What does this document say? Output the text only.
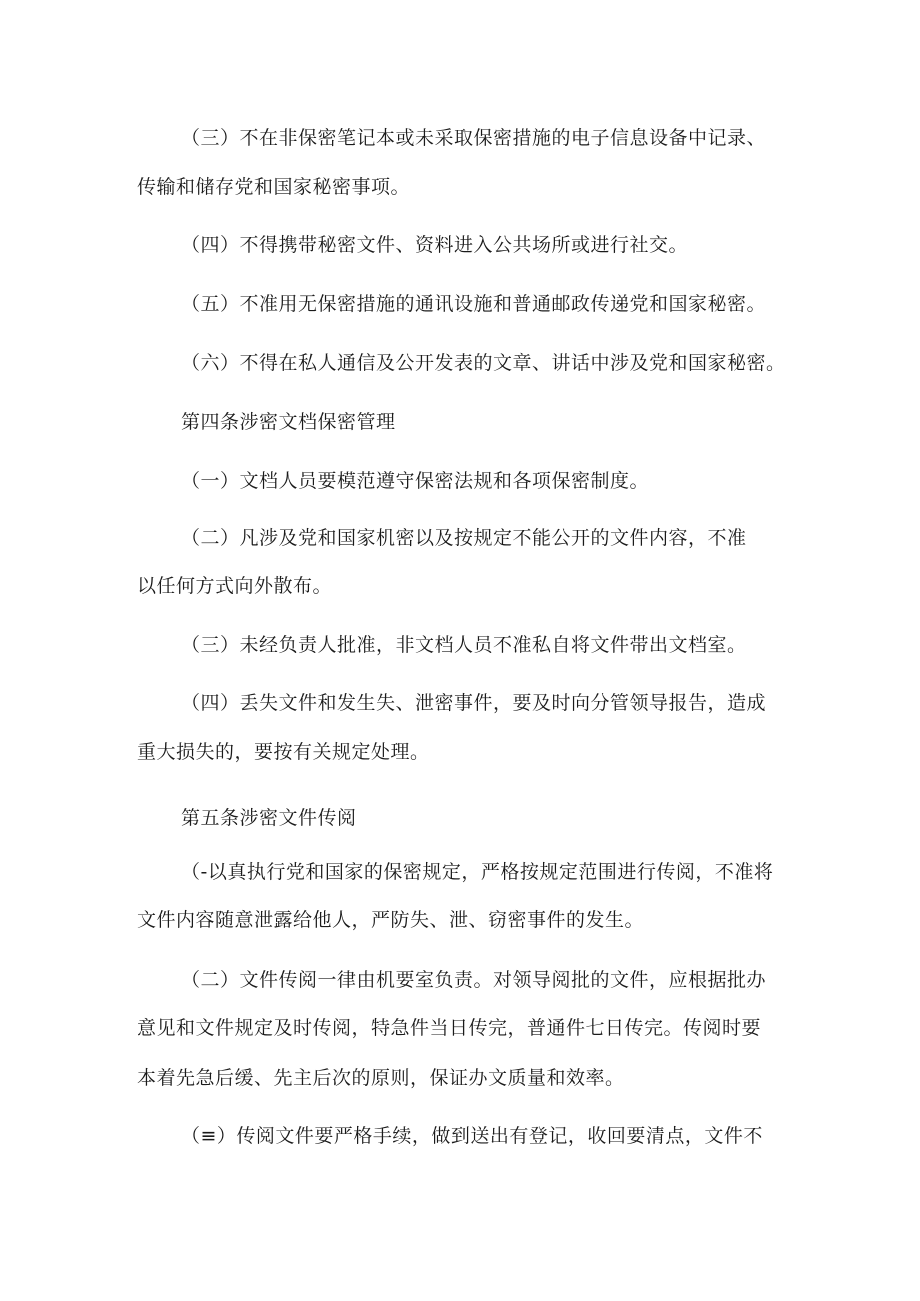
（三）不在非保密笔记本或未采取保密措施的电子信息设备中记录、
传输和储存党和国家秘密事项。
（四）不得携带秘密文件、资料进入公共场所或进行社交。
（五）不准用无保密措施的通讯设施和普通邮政传递党和国家秘密。
（六）不得在私人通信及公开发表的文章、讲话中涉及党和国家秘密。
第四条涉密文档保密管理
（一）文档人员要模范遵守保密法规和各项保密制度。
（二）凡涉及党和国家机密以及按规定不能公开的文件内容，不准
以任何方式向外散布。
（三）未经负责人批准，非文档人员不准私自将文件带出文档室。
（四）丢失文件和发生失、泄密事件，要及时向分管领导报告，造成
重大损失的，要按有关规定处理。
第五条涉密文件传阅
（-以真执行党和国家的保密规定，严格按规定范围进行传阅，不准将
文件内容随意泄露给他人，严防失、泄、窃密事件的发生。
（二）文件传阅一律由机要室负责。对领导阅批的文件，应根据批办
意见和文件规定及时传阅，特急件当日传完，普通件七日传完。传阅时要
本着先急后缓、先主后次的原则，保证办文质量和效率。
（≡）传阅文件要严格手续，做到送出有登记，收回要清点，文件不
